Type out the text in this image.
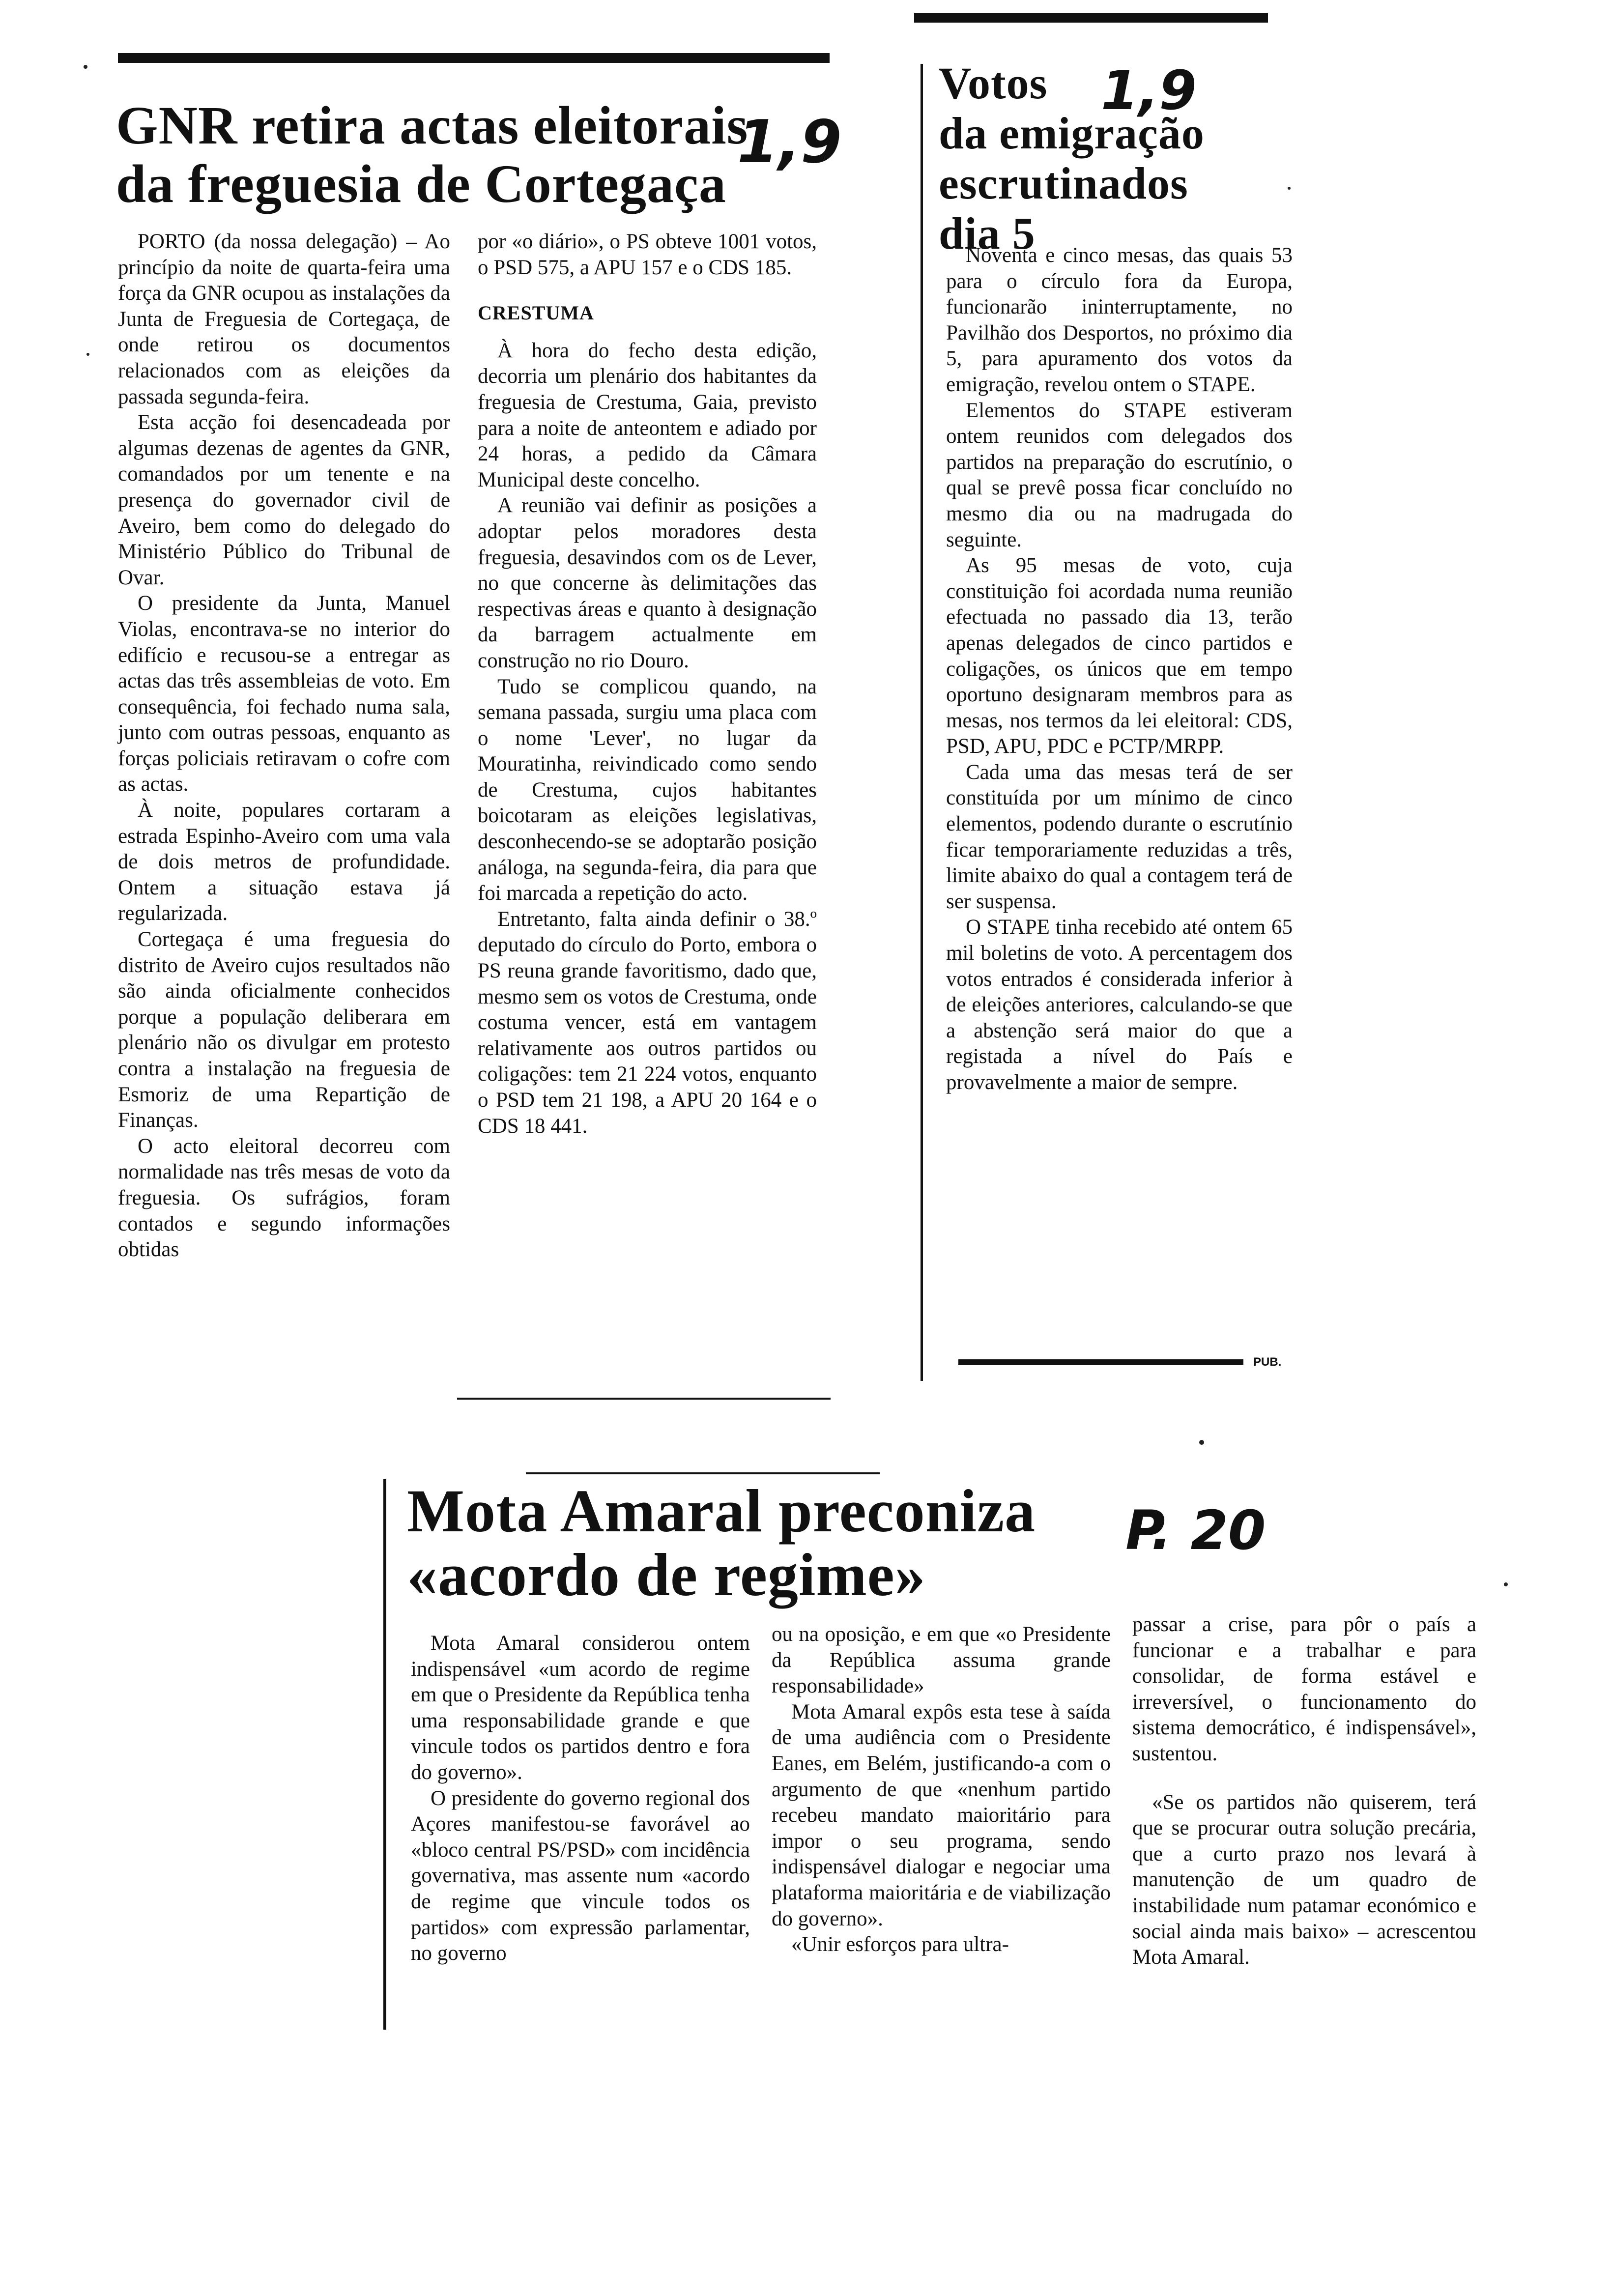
GNR retira actas eleitorais
da freguesia de Cortegaça
1,9

PORTO (da nossa delegação) – Ao princípio da noite de quarta-feira uma força da GNR ocupou as instalações da Junta de Freguesia de Cortegaça, de onde retirou os documentos relacionados com as eleições da passada segunda-feira.

Esta acção foi desencadeada por algumas dezenas de agentes da GNR, comandados por um tenente e na presença do governador civil de Aveiro, bem como do delegado do Ministério Público do Tribunal de Ovar.

O presidente da Junta, Manuel Violas, encontrava-se no interior do edifício e recusou-se a entregar as actas das três assembleias de voto. Em consequência, foi fechado numa sala, junto com outras pessoas, enquanto as forças policiais retiravam o cofre com as actas.

À noite, populares cortaram a estrada Espinho-Aveiro com uma vala de dois metros de profundidade. Ontem a situação estava já regularizada.

Cortegaça é uma freguesia do distrito de Aveiro cujos resultados não são ainda oficialmente conhecidos porque a população deliberara em plenário não os divulgar em protesto contra a instalação na freguesia de Esmoriz de uma Repartição de Finanças.

O acto eleitoral decorreu com normalidade nas três mesas de voto da freguesia. Os sufrágios, foram contados e segundo informações obtidas

por «o diário», o PS obteve 1001 votos, o PSD 575, a APU 157 e o CDS 185.

CRESTUMA

À hora do fecho desta edição, decorria um plenário dos habitantes da freguesia de Crestuma, Gaia, previsto para a noite de anteontem e adiado por 24 horas, a pedido da Câmara Municipal deste concelho.

A reunião vai definir as posições a adoptar pelos moradores desta freguesia, desavindos com os de Lever, no que concerne às delimitações das respectivas áreas e quanto à designação da barragem actualmente em construção no rio Douro.

Tudo se complicou quando, na semana passada, surgiu uma placa com o nome 'Lever', no lugar da Mouratinha, reivindicado como sendo de Crestuma, cujos habitantes boicotaram as eleições legislativas, desconhecendo-se se adoptarão posição análoga, na segunda-feira, dia para que foi marcada a repetição do acto.

Entretanto, falta ainda definir o 38.º deputado do círculo do Porto, embora o PS reuna grande favoritismo, dado que, mesmo sem os votos de Crestuma, onde costuma vencer, está em vantagem relativamente aos outros partidos ou coligações: tem 21 224 votos, enquanto o PSD tem 21 198, a APU 20 164 e o CDS 18 441.

Votos
da emigração
escrutinados
dia 5
1,9

Noventa e cinco mesas, das quais 53 para o círculo fora da Europa, funcionarão ininterruptamente, no Pavilhão dos Desportos, no próximo dia 5, para apuramento dos votos da emigração, revelou ontem o STAPE.

Elementos do STAPE estiveram ontem reunidos com delegados dos partidos na preparação do escrutínio, o qual se prevê possa ficar concluído no mesmo dia ou na madrugada do seguinte.

As 95 mesas de voto, cuja constituição foi acordada numa reunião efectuada no passado dia 13, terão apenas delegados de cinco partidos e coligações, os únicos que em tempo oportuno designaram membros para as mesas, nos termos da lei eleitoral: CDS, PSD, APU, PDC e PCTP/MRPP.

Cada uma das mesas terá de ser constituída por um mínimo de cinco elementos, podendo durante o escrutínio ficar temporariamente reduzidas a três, limite abaixo do qual a contagem terá de ser suspensa.

O STAPE tinha recebido até ontem 65 mil boletins de voto. A percentagem dos votos entrados é considerada inferior à de eleições anteriores, calculando-se que a abstenção será maior do que a registada a nível do País e provavelmente a maior de sempre.

PUB.
Mota Amaral preconiza
«acordo de regime»
P. 20

Mota Amaral considerou ontem indispensável «um acordo de regime em que o Presidente da República tenha uma responsabilidade grande e que vincule todos os partidos dentro e fora do governo».

O presidente do governo regional dos Açores manifestou-se favorável ao «bloco central PS/PSD» com incidência governativa, mas assente num «acordo de regime que vincule todos os partidos» com expressão parlamentar, no governo

ou na oposição, e em que «o Presidente da República assuma grande responsabilidade»

Mota Amaral expôs esta tese à saída de uma audiência com o Presidente Eanes, em Belém, justificando-a com o argumento de que «nenhum partido recebeu mandato maioritário para impor o seu programa, sendo indispensável dialogar e negociar uma plataforma maioritária e de viabilização do governo».

«Unir esforços para ultra-

passar a crise, para pôr o país a funcionar e a trabalhar e para consolidar, de forma estável e irreversível, o funcionamento do sistema democrático, é indispensável», sustentou.

«Se os partidos não quiserem, terá que se procurar outra solução precária, que a curto prazo nos levará à manutenção de um quadro de instabilidade num patamar económico e social ainda mais baixo» – acrescentou Mota Amaral.
